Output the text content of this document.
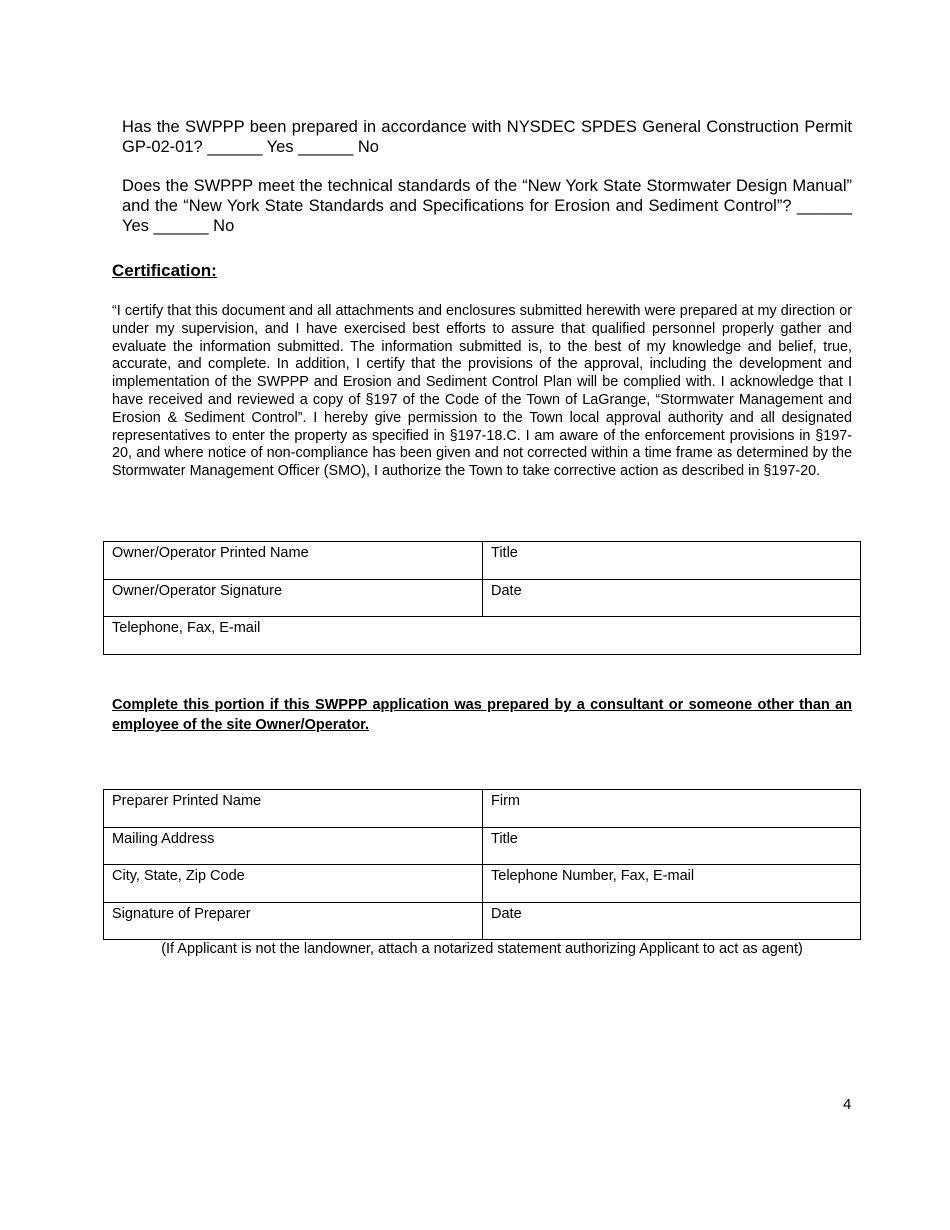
Has the SWPPP been prepared in accordance with NYSDEC SPDES General Construction Permit GP-02-01? ______ Yes ______ No
Does the SWPPP meet the technical standards of the “New York State Stormwater Design Manual” and the “New York State Standards and Specifications for Erosion and Sediment Control”? ______ Yes ______ No
Certification:
“I certify that this document and all attachments and enclosures submitted herewith were prepared at my direction or under my supervision, and I have exercised best efforts to assure that qualified personnel properly gather and evaluate the information submitted. The information submitted is, to the best of my knowledge and belief, true, accurate, and complete. In addition, I certify that the provisions of the approval, including the development and implementation of the SWPPP and Erosion and Sediment Control Plan will be complied with. I acknowledge that I have received and reviewed a copy of §197 of the Code of the Town of LaGrange, “Stormwater Management and Erosion & Sediment Control”. I hereby give permission to the Town local approval authority and all designated representatives to enter the property as specified in §197-18.C. I am aware of the enforcement provisions in §197-20, and where notice of non-compliance has been given and not corrected within a time frame as determined by the Stormwater Management Officer (SMO), I authorize the Town to take corrective action as described in §197-20.
Owner/Operator Printed Name	Title
Owner/Operator Signature	Date
Telephone, Fax, E-mail	
Complete this portion if this SWPPP application was prepared by a consultant or someone other than an employee of the site Owner/Operator.
Preparer Printed Name	Firm
Mailing Address	Title
City, State, Zip Code	Telephone Number, Fax, E-mail
Signature of Preparer	Date
(If Applicant is not the landowner, attach a notarized statement authorizing Applicant to act as agent)
4
